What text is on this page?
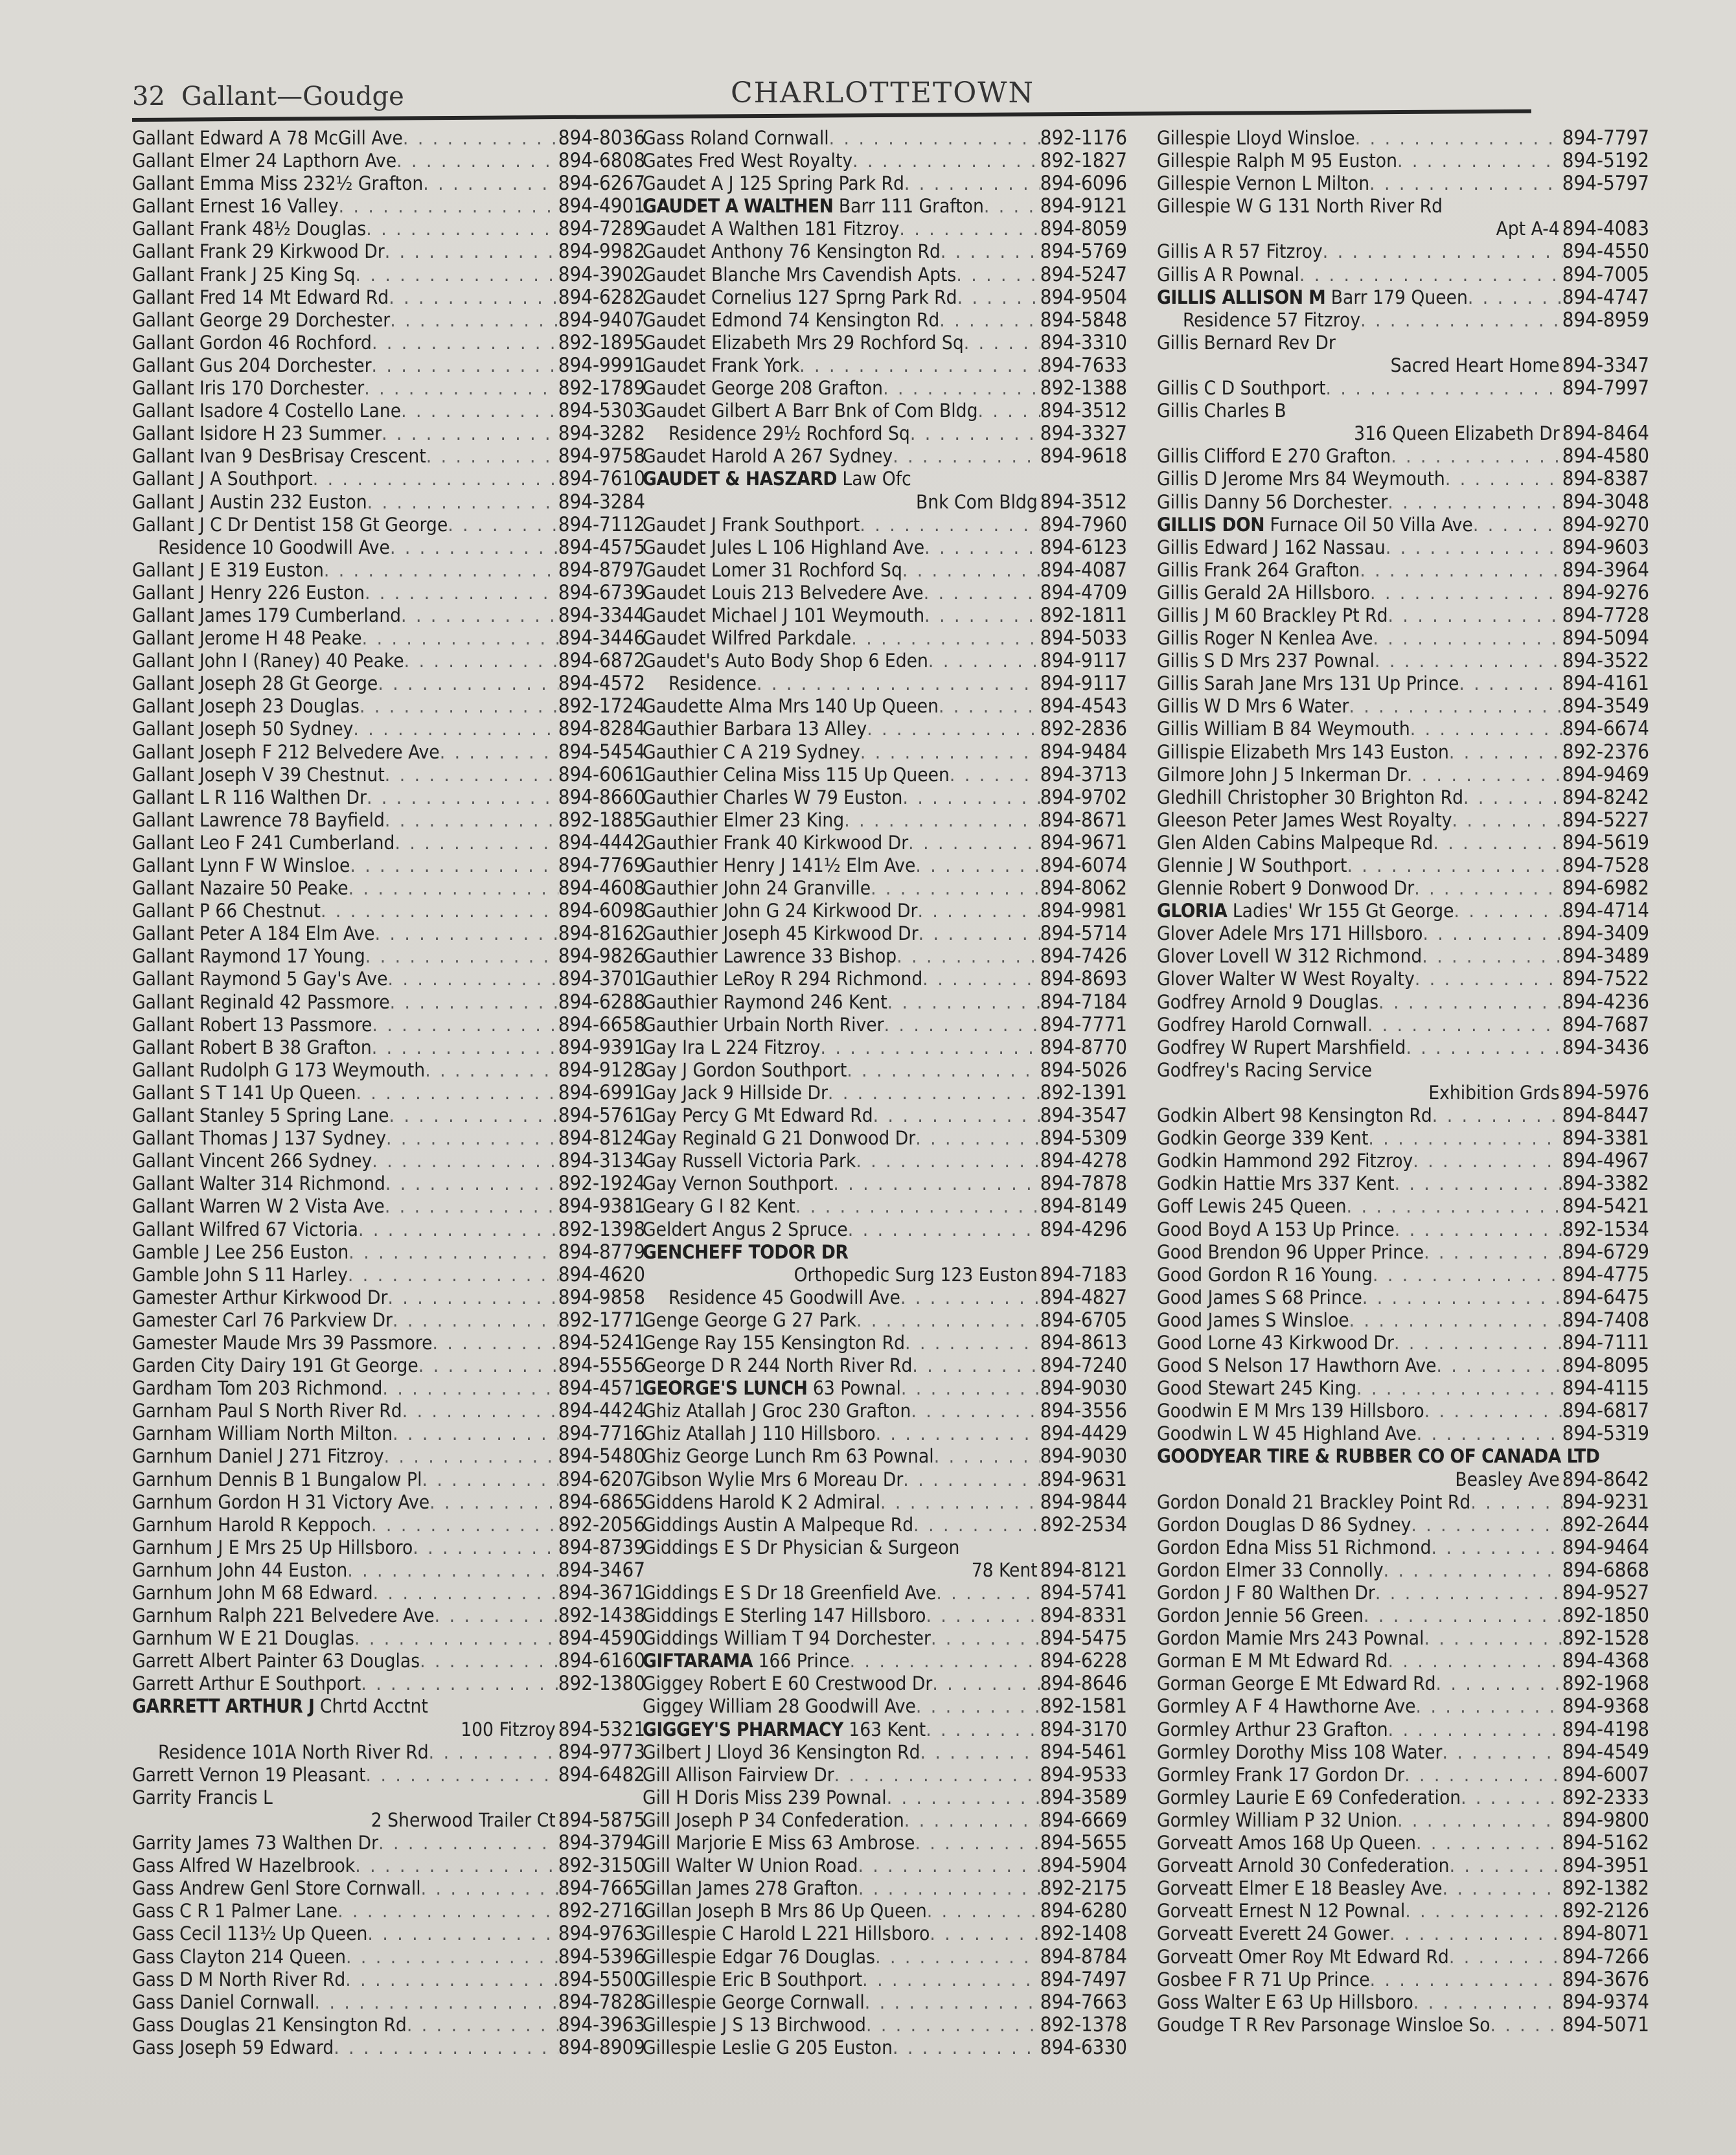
32 Gallant—Goudge	CHARLOTTETOWN
Gallant Edward A 78 McGill Ave . . .	894-8036
Gallant Elmer 24 Lapthorn Ave . . .	894-6808
Gallant Emma Miss 232½ Grafton . . .	894-6267
Gallant Ernest 16 Valley . . .	894-4901
Gallant Frank 48½ Douglas . . .	894-7289
Gallant Frank 29 Kirkwood Dr . . .	894-9982
Gallant Frank J 25 King Sq . . .	894-3902
Gallant Fred 14 Mt Edward Rd . . .	894-6282
Gallant George 29 Dorchester . . .	894-9407
Gallant Gordon 46 Rochford . . .	892-1895
Gallant Gus 204 Dorchester . . .	894-9991
Gallant Iris 170 Dorchester . . .	892-1789
Gallant Isadore 4 Costello Lane . . .	894-5303
Gallant Isidore H 23 Summer . . .	894-3282
Gallant Ivan 9 DesBrisay Crescent . . .	894-9758
Gallant J A Southport . . .	894-7610
Gallant J Austin 232 Euston . . .	894-3284
Gallant J C Dr Dentist 158 Gt George . . .	894-7112
Residence 10 Goodwill Ave . . .	894-4575
Gallant J E 319 Euston . . .	894-8797
Gallant J Henry 226 Euston . . .	894-6739
Gallant James 179 Cumberland . . .	894-3344
Gallant Jerome H 48 Peake . . .	894-3446
Gallant John I (Raney) 40 Peake . . .	894-6872
Gallant Joseph 28 Gt George . . .	894-4572
Gallant Joseph 23 Douglas . . .	892-1724
Gallant Joseph 50 Sydney . . .	894-8284
Gallant Joseph F 212 Belvedere Ave . . .	894-5454
Gallant Joseph V 39 Chestnut . . .	894-6061
Gallant L R 116 Walthen Dr . . .	894-8660
Gallant Lawrence 78 Bayfield . . .	892-1885
Gallant Leo F 241 Cumberland . . .	894-4442
Gallant Lynn F W Winsloe . . .	894-7769
Gallant Nazaire 50 Peake . . .	894-4608
Gallant P 66 Chestnut . . .	894-6098
Gallant Peter A 184 Elm Ave . . .	894-8162
Gallant Raymond 17 Young . . .	894-9826
Gallant Raymond 5 Gay's Ave . . .	894-3701
Gallant Reginald 42 Passmore . . .	894-6288
Gallant Robert 13 Passmore . . .	894-6658
Gallant Robert B 38 Grafton . . .	894-9391
Gallant Rudolph G 173 Weymouth . . .	894-9128
Gallant S T 141 Up Queen . . .	894-6991
Gallant Stanley 5 Spring Lane . . .	894-5761
Gallant Thomas J 137 Sydney . . .	894-8124
Gallant Vincent 266 Sydney . . .	894-3134
Gallant Walter 314 Richmond . . .	892-1924
Gallant Warren W 2 Vista Ave . . .	894-9381
Gallant Wilfred 67 Victoria . . .	892-1398
Gamble J Lee 256 Euston . . .	894-8779
Gamble John S 11 Harley . . .	894-4620
Gamester Arthur Kirkwood Dr . . .	894-9858
Gamester Carl 76 Parkview Dr . . .	892-1771
Gamester Maude Mrs 39 Passmore . . .	894-5241
Garden City Dairy 191 Gt George . . .	894-5556
Gardham Tom 203 Richmond . . .	894-4571
Garnham Paul S North River Rd . . .	894-4424
Garnham William North Milton . . .	894-7716
Garnhum Daniel J 271 Fitzroy . . .	894-5480
Garnhum Dennis B 1 Bungalow Pl . . .	894-6207
Garnhum Gordon H 31 Victory Ave . . .	894-6865
Garnhum Harold R Keppoch . . .	892-2056
Garnhum J E Mrs 25 Up Hillsboro . . .	894-8739
Garnhum John 44 Euston . . .	894-3467
Garnhum John M 68 Edward . . .	894-3671
Garnhum Ralph 221 Belvedere Ave . . .	892-1438
Garnhum W E 21 Douglas . . .	894-4590
Garrett Albert Painter 63 Douglas . . .	894-6160
Garrett Arthur E Southport . . .	892-1380
GARRETT ARTHUR J Chrtd Acctnt
100 Fitzroy 894-5321
Residence 101A North River Rd . . .	894-9773
Garrett Vernon 19 Pleasant . . .	894-6482
Garrity Francis L
2 Sherwood Trailer Ct 894-5875
Garrity James 73 Walthen Dr . . .	894-3794
Gass Alfred W Hazelbrook . . .	892-3150
Gass Andrew Genl Store Cornwall . . .	894-7665
Gass C R 1 Palmer Lane . . .	892-2716
Gass Cecil 113½ Up Queen . . .	894-9763
Gass Clayton 214 Queen . . .	894-5396
Gass D M North River Rd . . .	894-5500
Gass Daniel Cornwall . . .	894-7828
Gass Douglas 21 Kensington Rd . . .	894-3963
Gass Joseph 59 Edward . . .	894-8909
Gass Roland Cornwall . . .	892-1176
Gates Fred West Royalty . . .	892-1827
Gaudet A J 125 Spring Park Rd . . .	894-6096
GAUDET A WALTHEN Barr 111 Grafton . . .	894-9121
Gaudet A Walthen 181 Fitzroy . . .	894-8059
Gaudet Anthony 76 Kensington Rd . . .	894-5769
Gaudet Blanche Mrs Cavendish Apts . . .	894-5247
Gaudet Cornelius 127 Sprng Park Rd . . .	894-9504
Gaudet Edmond 74 Kensington Rd . . .	894-5848
Gaudet Elizabeth Mrs 29 Rochford Sq . . .	894-3310
Gaudet Frank York . . .	894-7633
Gaudet George 208 Grafton . . .	892-1388
Gaudet Gilbert A Barr Bnk of Com Bldg . . .	894-3512
Residence 29½ Rochford Sq . . .	894-3327
Gaudet Harold A 267 Sydney . . .	894-9618
GAUDET & HASZARD Law Ofc
Bnk Com Bldg 894-3512
Gaudet J Frank Southport . . .	894-7960
Gaudet Jules L 106 Highland Ave . . .	894-6123
Gaudet Lomer 31 Rochford Sq . . .	894-4087
Gaudet Louis 213 Belvedere Ave . . .	894-4709
Gaudet Michael J 101 Weymouth . . .	892-1811
Gaudet Wilfred Parkdale . . .	894-5033
Gaudet's Auto Body Shop 6 Eden . . .	894-9117
Residence . . .	894-9117
Gaudette Alma Mrs 140 Up Queen . . .	894-4543
Gauthier Barbara 13 Alley . . .	892-2836
Gauthier C A 219 Sydney . . .	894-9484
Gauthier Celina Miss 115 Up Queen . . .	894-3713
Gauthier Charles W 79 Euston . . .	894-9702
Gauthier Elmer 23 King . . .	894-8671
Gauthier Frank 40 Kirkwood Dr . . .	894-9671
Gauthier Henry J 141½ Elm Ave . . .	894-6074
Gauthier John 24 Granville . . .	894-8062
Gauthier John G 24 Kirkwood Dr . . .	894-9981
Gauthier Joseph 45 Kirkwood Dr . . .	894-5714
Gauthier Lawrence 33 Bishop . . .	894-7426
Gauthier LeRoy R 294 Richmond . . .	894-8693
Gauthier Raymond 246 Kent . . .	894-7184
Gauthier Urbain North River . . .	894-7771
Gay Ira L 224 Fitzroy . . .	894-8770
Gay J Gordon Southport . . .	894-5026
Gay Jack 9 Hillside Dr . . .	892-1391
Gay Percy G Mt Edward Rd . . .	894-3547
Gay Reginald G 21 Donwood Dr . . .	894-5309
Gay Russell Victoria Park . . .	894-4278
Gay Vernon Southport . . .	894-7878
Geary G I 82 Kent . . .	894-8149
Geldert Angus 2 Spruce . . .	894-4296
GENCHEFF TODOR DR
Orthopedic Surg 123 Euston 894-7183
Residence 45 Goodwill Ave . . .	894-4827
Genge George G 27 Park . . .	894-6705
Genge Ray 155 Kensington Rd . . .	894-8613
George D R 244 North River Rd . . .	894-7240
GEORGE'S LUNCH 63 Pownal . . .	894-9030
Ghiz Atallah J Groc 230 Grafton . . .	894-3556
Ghiz Atallah J 110 Hillsboro . . .	894-4429
Ghiz George Lunch Rm 63 Pownal . . .	894-9030
Gibson Wylie Mrs 6 Moreau Dr . . .	894-9631
Giddens Harold K 2 Admiral . . .	894-9844
Giddings Austin A Malpeque Rd . . .	892-2534
Giddings E S Dr Physician & Surgeon
78 Kent 894-8121
Giddings E S Dr 18 Greenfield Ave . . .	894-5741
Giddings E Sterling 147 Hillsboro . . .	894-8331
Giddings William T 94 Dorchester . . .	894-5475
GIFTARAMA 166 Prince . . .	894-6228
Giggey Robert E 60 Crestwood Dr . . .	894-8646
Giggey William 28 Goodwill Ave . . .	892-1581
GIGGEY'S PHARMACY 163 Kent . . .	894-3170
Gilbert J Lloyd 36 Kensington Rd . . .	894-5461
Gill Allison Fairview Dr . . .	894-9533
Gill H Doris Miss 239 Pownal . . .	894-3589
Gill Joseph P 34 Confederation . . .	894-6669
Gill Marjorie E Miss 63 Ambrose . . .	894-5655
Gill Walter W Union Road . . .	894-5904
Gillan James 278 Grafton . . .	892-2175
Gillan Joseph B Mrs 86 Up Queen . . .	894-6280
Gillespie C Harold L 221 Hillsboro . . .	892-1408
Gillespie Edgar 76 Douglas . . .	894-8784
Gillespie Eric B Southport . . .	894-7497
Gillespie George Cornwall . . .	894-7663
Gillespie J S 13 Birchwood . . .	892-1378
Gillespie Leslie G 205 Euston . . .	894-6330
Gillespie Lloyd Winsloe . . .	894-7797
Gillespie Ralph M 95 Euston . . .	894-5192
Gillespie Vernon L Milton . . .	894-5797
Gillespie W G 131 North River Rd
Apt A-4 894-4083
Gillis A R 57 Fitzroy . . .	894-4550
Gillis A R Pownal . . .	894-7005
GILLIS ALLISON M Barr 179 Queen . . .	894-4747
Residence 57 Fitzroy . . .	894-8959
Gillis Bernard Rev Dr
Sacred Heart Home 894-3347
Gillis C D Southport . . .	894-7997
Gillis Charles B
316 Queen Elizabeth Dr 894-8464
Gillis Clifford E 270 Grafton . . .	894-4580
Gillis D Jerome Mrs 84 Weymouth . . .	894-8387
Gillis Danny 56 Dorchester . . .	894-3048
GILLIS DON Furnace Oil 50 Villa Ave . . .	894-9270
Gillis Edward J 162 Nassau . . .	894-9603
Gillis Frank 264 Grafton . . .	894-3964
Gillis Gerald 2A Hillsboro . . .	894-9276
Gillis J M 60 Brackley Pt Rd . . .	894-7728
Gillis Roger N Kenlea Ave . . .	894-5094
Gillis S D Mrs 237 Pownal . . .	894-3522
Gillis Sarah Jane Mrs 131 Up Prince . . .	894-4161
Gillis W D Mrs 6 Water . . .	894-3549
Gillis William B 84 Weymouth . . .	894-6674
Gillispie Elizabeth Mrs 143 Euston . . .	892-2376
Gilmore John J 5 Inkerman Dr . . .	894-9469
Gledhill Christopher 30 Brighton Rd . . .	894-8242
Gleeson Peter James West Royalty . . .	894-5227
Glen Alden Cabins Malpeque Rd . . .	894-5619
Glennie J W Southport . . .	894-7528
Glennie Robert 9 Donwood Dr . . .	894-6982
GLORIA Ladies' Wr 155 Gt George . . .	894-4714
Glover Adele Mrs 171 Hillsboro . . .	894-3409
Glover Lovell W 312 Richmond . . .	894-3489
Glover Walter W West Royalty . . .	894-7522
Godfrey Arnold 9 Douglas . . .	894-4236
Godfrey Harold Cornwall . . .	894-7687
Godfrey W Rupert Marshfield . . .	894-3436
Godfrey's Racing Service
Exhibition Grds 894-5976
Godkin Albert 98 Kensington Rd . . .	894-8447
Godkin George 339 Kent . . .	894-3381
Godkin Hammond 292 Fitzroy . . .	894-4967
Godkin Hattie Mrs 337 Kent . . .	894-3382
Goff Lewis 245 Queen . . .	894-5421
Good Boyd A 153 Up Prince . . .	892-1534
Good Brendon 96 Upper Prince . . .	894-6729
Good Gordon R 16 Young . . .	894-4775
Good James S 68 Prince . . .	894-6475
Good James S Winsloe . . .	894-7408
Good Lorne 43 Kirkwood Dr . . .	894-7111
Good S Nelson 17 Hawthorn Ave . . .	894-8095
Good Stewart 245 King . . .	894-4115
Goodwin E M Mrs 139 Hillsboro . . .	894-6817
Goodwin L W 45 Highland Ave . . .	894-5319
GOODYEAR TIRE & RUBBER CO OF CANADA LTD
Beasley Ave 894-8642
Gordon Donald 21 Brackley Point Rd . . .	894-9231
Gordon Douglas D 86 Sydney . . .	892-2644
Gordon Edna Miss 51 Richmond . . .	894-9464
Gordon Elmer 33 Connolly . . .	894-6868
Gordon J F 80 Walthen Dr . . .	894-9527
Gordon Jennie 56 Green . . .	892-1850
Gordon Mamie Mrs 243 Pownal . . .	892-1528
Gorman E M Mt Edward Rd . . .	894-4368
Gorman George E Mt Edward Rd . . .	892-1968
Gormley A F 4 Hawthorne Ave . . .	894-9368
Gormley Arthur 23 Grafton . . .	894-4198
Gormley Dorothy Miss 108 Water . . .	894-4549
Gormley Frank 17 Gordon Dr . . .	894-6007
Gormley Laurie E 69 Confederation . . .	892-2333
Gormley William P 32 Union . . .	894-9800
Gorveatt Amos 168 Up Queen . . .	894-5162
Gorveatt Arnold 30 Confederation . . .	894-3951
Gorveatt Elmer E 18 Beasley Ave . . .	892-1382
Gorveatt Ernest N 12 Pownal . . .	892-2126
Gorveatt Everett 24 Gower . . .	894-8071
Gorveatt Omer Roy Mt Edward Rd . . .	894-7266
Gosbee F R 71 Up Prince . . .	894-3676
Goss Walter E 63 Up Hillsboro . . .	894-9374
Goudge T R Rev Parsonage Winsloe So . . .	894-5071
